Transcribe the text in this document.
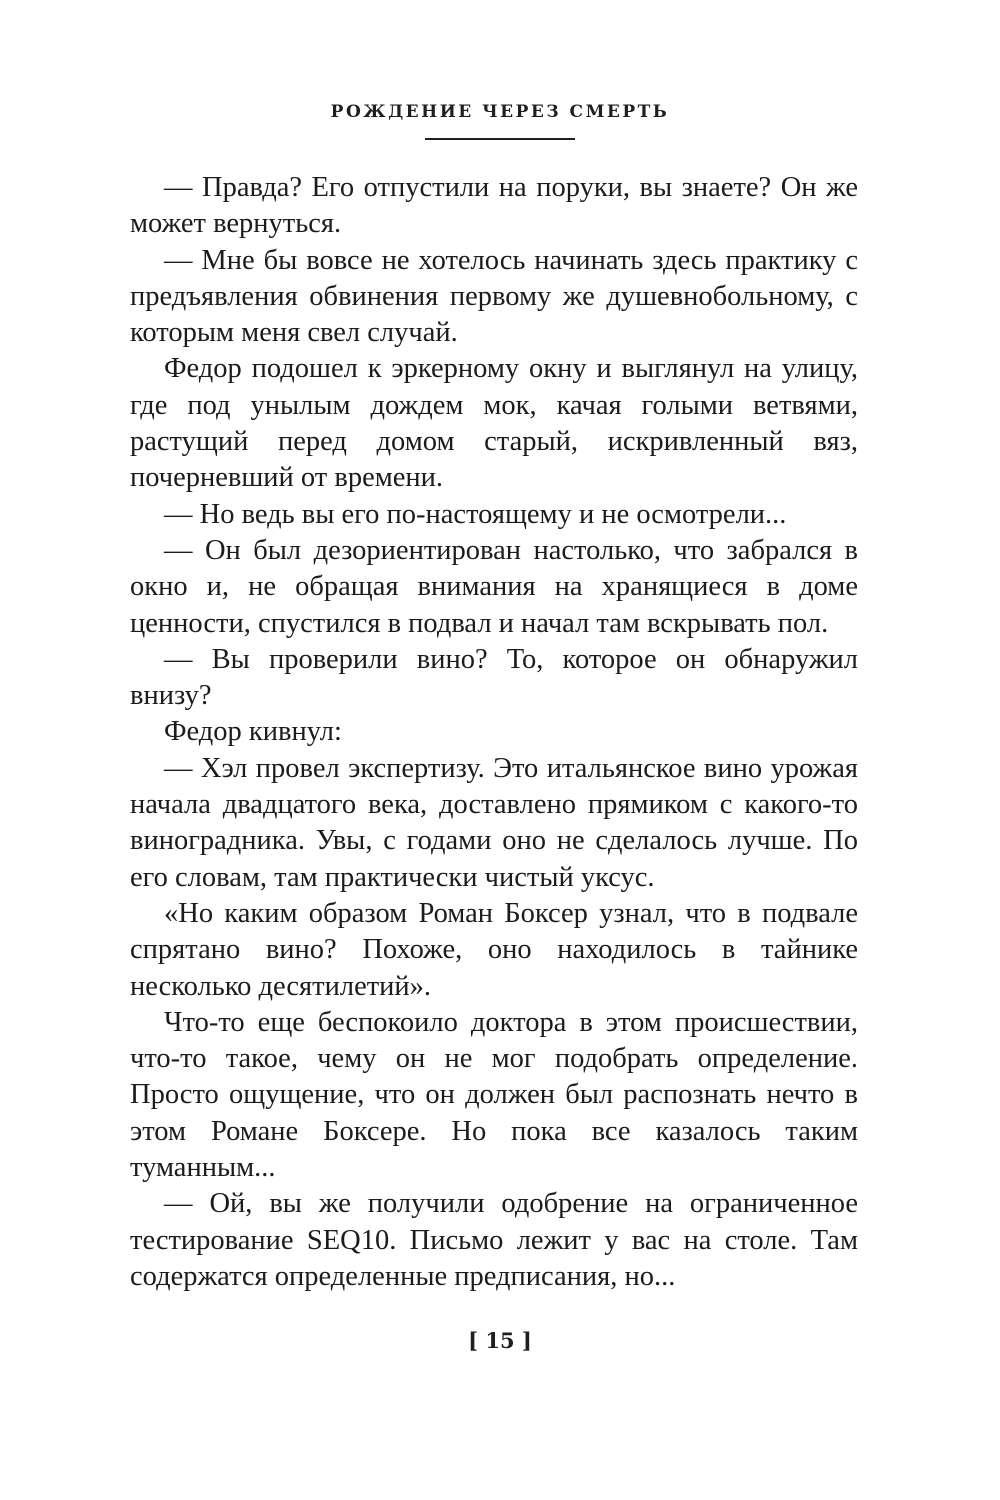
РОЖДЕНИЕ ЧЕРЕЗ СМЕРТЬ

— Правда? Его отпустили на поруки, вы знаете? Он же может вернуться.

— Мне бы вовсе не хотелось начинать здесь практику с предъявления обвинения первому же душевнобольному, с которым меня свел случай.

Федор подошел к эркерному окну и выглянул на улицу, где под унылым дождем мок, качая голыми ветвями, растущий перед домом старый, искривленный вяз, почерневший от времени.

— Но ведь вы его по-настоящему и не осмотрели...

— Он был дезориентирован настолько, что забрался в окно и, не обращая внимания на хранящиеся в доме ценности, спустился в подвал и начал там вскрывать пол.

— Вы проверили вино? То, которое он обнаружил внизу?

Федор кивнул:

— Хэл провел экспертизу. Это итальянское вино урожая начала двадцатого века, доставлено прямиком с какого-то виноградника. Увы, с годами оно не сделалось лучше. По его словам, там практически чистый уксус.

«Но каким образом Роман Боксер узнал, что в подвале спрятано вино? Похоже, оно находилось в тайнике несколько десятилетий».

Что-то еще беспокоило доктора в этом происшествии, что-то такое, чему он не мог подобрать определение. Просто ощущение, что он должен был распознать нечто в этом Романе Боксере. Но пока все казалось таким туманным...

— Ой, вы же получили одобрение на ограниченное тестирование SEQ10. Письмо лежит у вас на столе. Там содержатся определенные предписания, но...

[ 15 ]
